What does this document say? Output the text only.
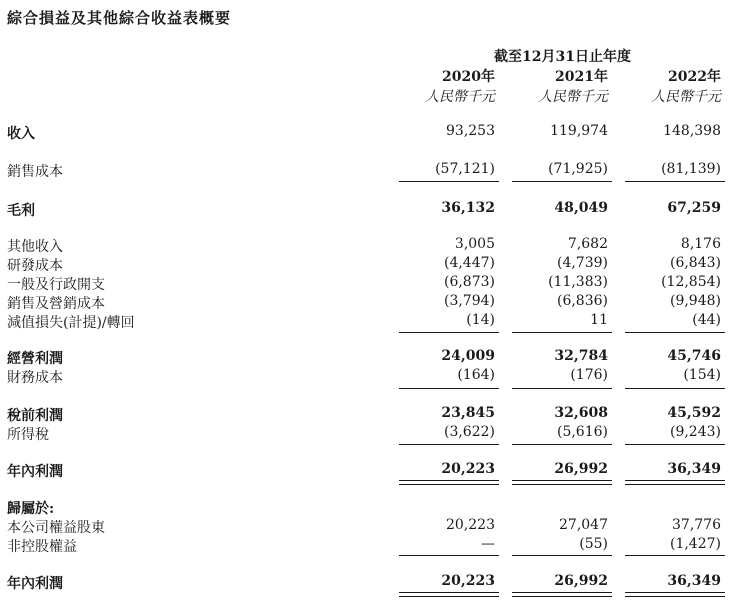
綜合損益及其他綜合收益表概要
截至12月31日止年度
2020年	2021年	2022年
人民幣千元	人民幣千元	人民幣千元
收入	93,253	119,974	148,398
銷售成本	(57,121)	(71,925)	(81,139)
毛利	36,132	48,049	67,259
其他收入	3,005	7,682	8,176
研發成本	(4,447)	(4,739)	(6,843)
一般及行政開支	(6,873)	(11,383)	(12,854)
銷售及營銷成本	(3,794)	(6,836)	(9,948)
減值損失(計提)/轉回	(14)	11	(44)
經營利潤	24,009	32,784	45,746
財務成本	(164)	(176)	(154)
稅前利潤	23,845	32,608	45,592
所得稅	(3,622)	(5,616)	(9,243)
年內利潤	20,223	26,992	36,349
歸屬於:
本公司權益股東	20,223	27,047	37,776
非控股權益	—	(55)	(1,427)
年內利潤	20,223	26,992	36,349
